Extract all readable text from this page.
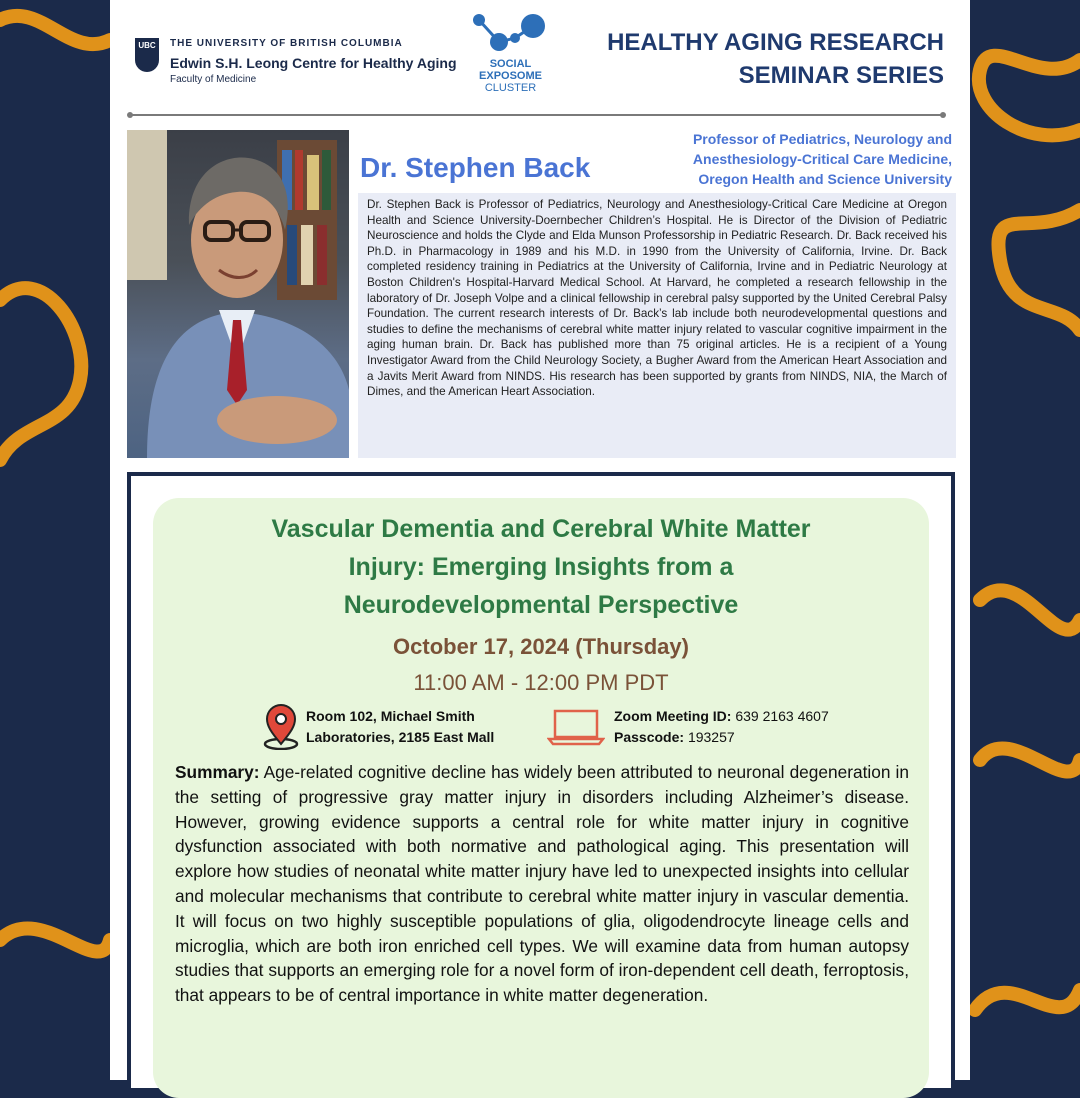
UBC	THE UNIVERSITY OF BRITISH COLUMBIA
Edwin S.H. Leong Centre for Healthy Aging
Faculty of Medicine
SOCIAL
EXPOSOME
CLUSTER
HEALTHY AGING RESEARCH
SEMINAR SERIES
Professor of Pediatrics, Neurology and
Anesthesiology-Critical Care Medicine,
Oregon Health and Science University
Dr. Stephen Back
Dr. Stephen Back is Professor of Pediatrics, Neurology and Anesthesiology-Critical Care Medicine at Oregon Health and Science University-Doernbecher Children’s Hospital. He is Director of the Division of Pediatric Neuroscience and holds the Clyde and Elda Munson Professorship in Pediatric Research. Dr. Back received his Ph.D. in Pharmacology in 1989 and his M.D. in 1990 from the University of California, Irvine. Dr. Back completed residency training in Pediatrics at the University of California, Irvine and in Pediatric Neurology at Boston Children's Hospital-Harvard Medical School. At Harvard, he completed a research fellowship in the laboratory of Dr. Joseph Volpe and a clinical fellowship in cerebral palsy supported by the United Cerebral Palsy Foundation. The current research interests of Dr. Back’s lab include both neurodevelopmental questions and studies to define the mechanisms of cerebral white matter injury related to vascular cognitive impairment in the aging human brain. Dr. Back has published more than 75 original articles. He is a recipient of a Young Investigator Award from the Child Neurology Society, a Bugher Award from the American Heart Association and a Javits Merit Award from NINDS. His research has been supported by grants from NINDS, NIA, the March of Dimes, and the American Heart Association.
Vascular Dementia and Cerebral White Matter
Injury: Emerging Insights from a
Neurodevelopmental Perspective
October 17, 2024 (Thursday)
11:00 AM - 12:00 PM PDT
Room 102, Michael Smith
Laboratories, 2185 East Mall
Zoom Meeting ID: 639 2163 4607
Passcode: 193257
Summary: Age-related cognitive decline has widely been attributed to neuronal degeneration in the setting of progressive gray matter injury in disorders including Alzheimer’s disease. However, growing evidence supports a central role for white matter injury in cognitive dysfunction associated with both normative and pathological aging. This presentation will explore how studies of neonatal white matter injury have led to unexpected insights into cellular and molecular mechanisms that contribute to cerebral white matter injury in vascular dementia. It will focus on two highly susceptible populations of glia, oligodendrocyte lineage cells and microglia, which are both iron enriched cell types. We will examine data from human autopsy studies that supports an emerging role for a novel form of iron-dependent cell death, ferroptosis, that appears to be of central importance in white matter degeneration.
